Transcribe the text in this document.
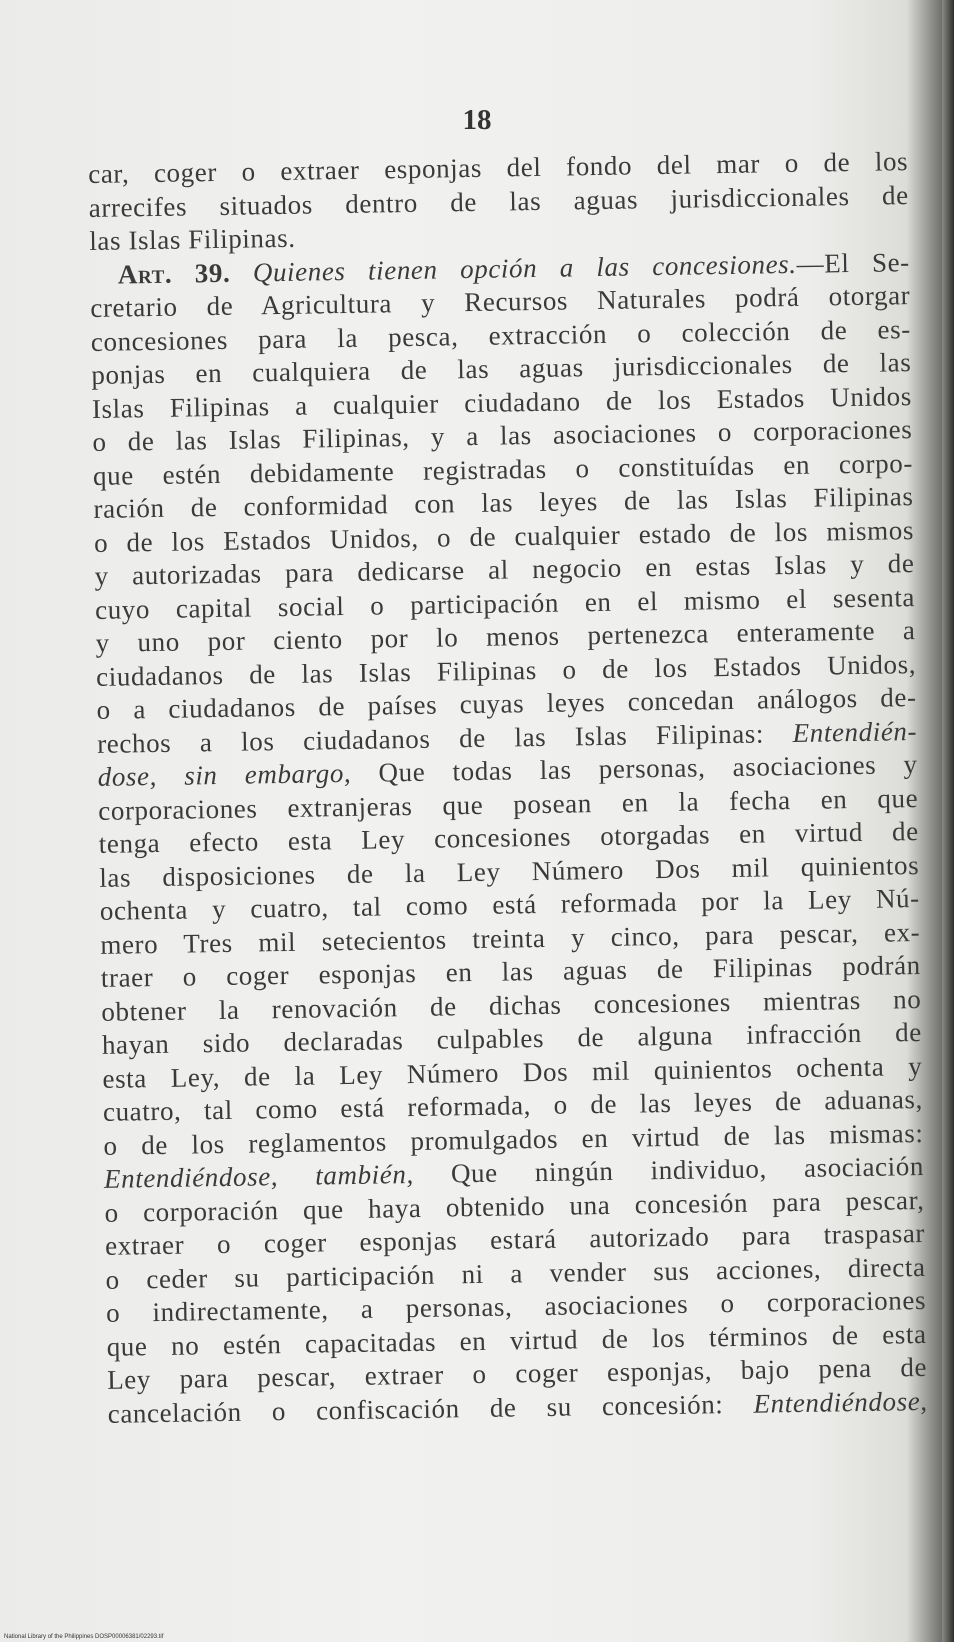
18
car, coger o extraer esponjas del fondo del mar o de los
arrecifes situados dentro de las aguas jurisdiccionales de
las Islas Filipinas.
Art. 39. Quienes tienen opción a las concesiones.—El Se-
cretario de Agricultura y Recursos Naturales podrá otorgar
concesiones para la pesca, extracción o colección de es-
ponjas en cualquiera de las aguas jurisdiccionales de las
Islas Filipinas a cualquier ciudadano de los Estados Unidos
o de las Islas Filipinas, y a las asociaciones o corporaciones
que estén debidamente registradas o constituídas en corpo-
ración de conformidad con las leyes de las Islas Filipinas
o de los Estados Unidos, o de cualquier estado de los mismos
y autorizadas para dedicarse al negocio en estas Islas y de
cuyo capital social o participación en el mismo el sesenta
y uno por ciento por lo menos pertenezca enteramente a
ciudadanos de las Islas Filipinas o de los Estados Unidos,
o a ciudadanos de países cuyas leyes concedan análogos de-
rechos a los ciudadanos de las Islas Filipinas: Entendién-
dose, sin embargo, Que todas las personas, asociaciones y
corporaciones extranjeras que posean en la fecha en que
tenga efecto esta Ley concesiones otorgadas en virtud de
las disposiciones de la Ley Número Dos mil quinientos
ochenta y cuatro, tal como está reformada por la Ley Nú-
mero Tres mil setecientos treinta y cinco, para pescar, ex-
traer o coger esponjas en las aguas de Filipinas podrán
obtener la renovación de dichas concesiones mientras no
hayan sido declaradas culpables de alguna infracción de
esta Ley, de la Ley Número Dos mil quinientos ochenta y
cuatro, tal como está reformada, o de las leyes de aduanas,
o de los reglamentos promulgados en virtud de las mismas:
Entendiéndose, también, Que ningún individuo, asociación
o corporación que haya obtenido una concesión para pescar,
extraer o coger esponjas estará autorizado para traspasar
o ceder su participación ni a vender sus acciones, directa
o indirectamente, a personas, asociaciones o corporaciones
que no estén capacitadas en virtud de los términos de esta
Ley para pescar, extraer o coger esponjas, bajo pena de
cancelación o confiscación de su concesión: Entendiéndose,
National Library of the Philippines DOSP00006381/02293.tif
